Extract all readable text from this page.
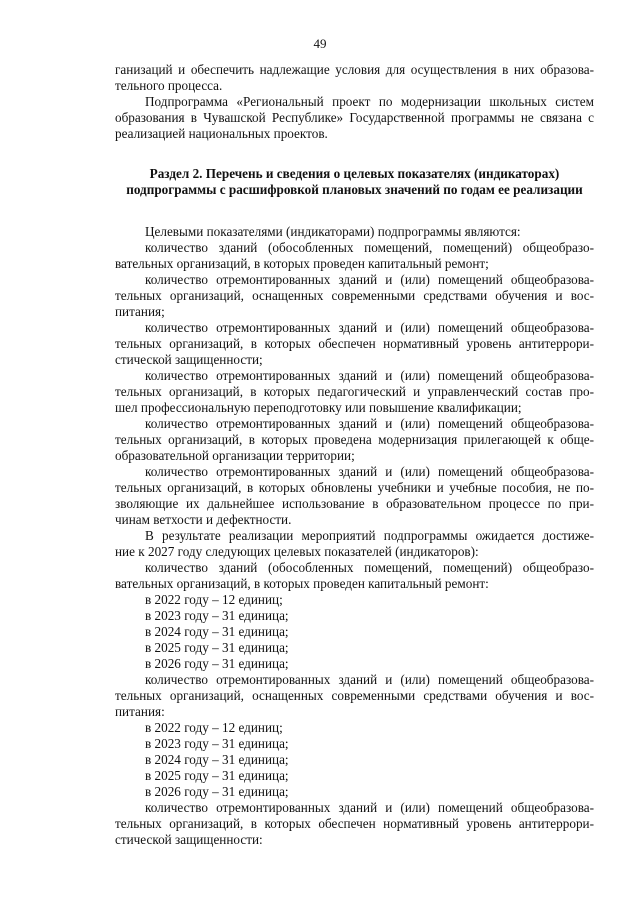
49
ганизаций и обеспечить надлежащие условия для осуществления в них образова-
тельного процесса.
Подпрограмма «Региональный проект по модернизации школьных систем
образования в Чувашской Республике» Государственной программы не связана с
реализацией национальных проектов.
Раздел 2. Перечень и сведения о целевых показателях (индикаторах)
подпрограммы с расшифровкой плановых значений по годам ее реализации
Целевыми показателями (индикаторами) подпрограммы являются:
количество зданий (обособленных помещений, помещений) общеобразо-
вательных организаций, в которых проведен капитальный ремонт;
количество отремонтированных зданий и (или) помещений общеобразова-
тельных организаций, оснащенных современными средствами обучения и вос-
питания;
количество отремонтированных зданий и (или) помещений общеобразова-
тельных организаций, в которых обеспечен нормативный уровень антитеррори-
стической защищенности;
количество отремонтированных зданий и (или) помещений общеобразова-
тельных организаций, в которых педагогический и управленческий состав про-
шел профессиональную переподготовку или повышение квалификации;
количество отремонтированных зданий и (или) помещений общеобразова-
тельных организаций, в которых проведена модернизация прилегающей к обще-
образовательной организации территории;
количество отремонтированных зданий и (или) помещений общеобразова-
тельных организаций, в которых обновлены учебники и учебные пособия, не по-
зволяющие их дальнейшее использование в образовательном процессе по при-
чинам ветхости и дефектности.
В результате реализации мероприятий подпрограммы ожидается достиже-
ние к 2027 году следующих целевых показателей (индикаторов):
количество зданий (обособленных помещений, помещений) общеобразо-
вательных организаций, в которых проведен капитальный ремонт:
в 2022 году – 12 единиц;
в 2023 году – 31 единица;
в 2024 году – 31 единица;
в 2025 году – 31 единица;
в 2026 году – 31 единица;
количество отремонтированных зданий и (или) помещений общеобразова-
тельных организаций, оснащенных современными средствами обучения и вос-
питания:
в 2022 году – 12 единиц;
в 2023 году – 31 единица;
в 2024 году – 31 единица;
в 2025 году – 31 единица;
в 2026 году – 31 единица;
количество отремонтированных зданий и (или) помещений общеобразова-
тельных организаций, в которых обеспечен нормативный уровень антитеррори-
стической защищенности:
